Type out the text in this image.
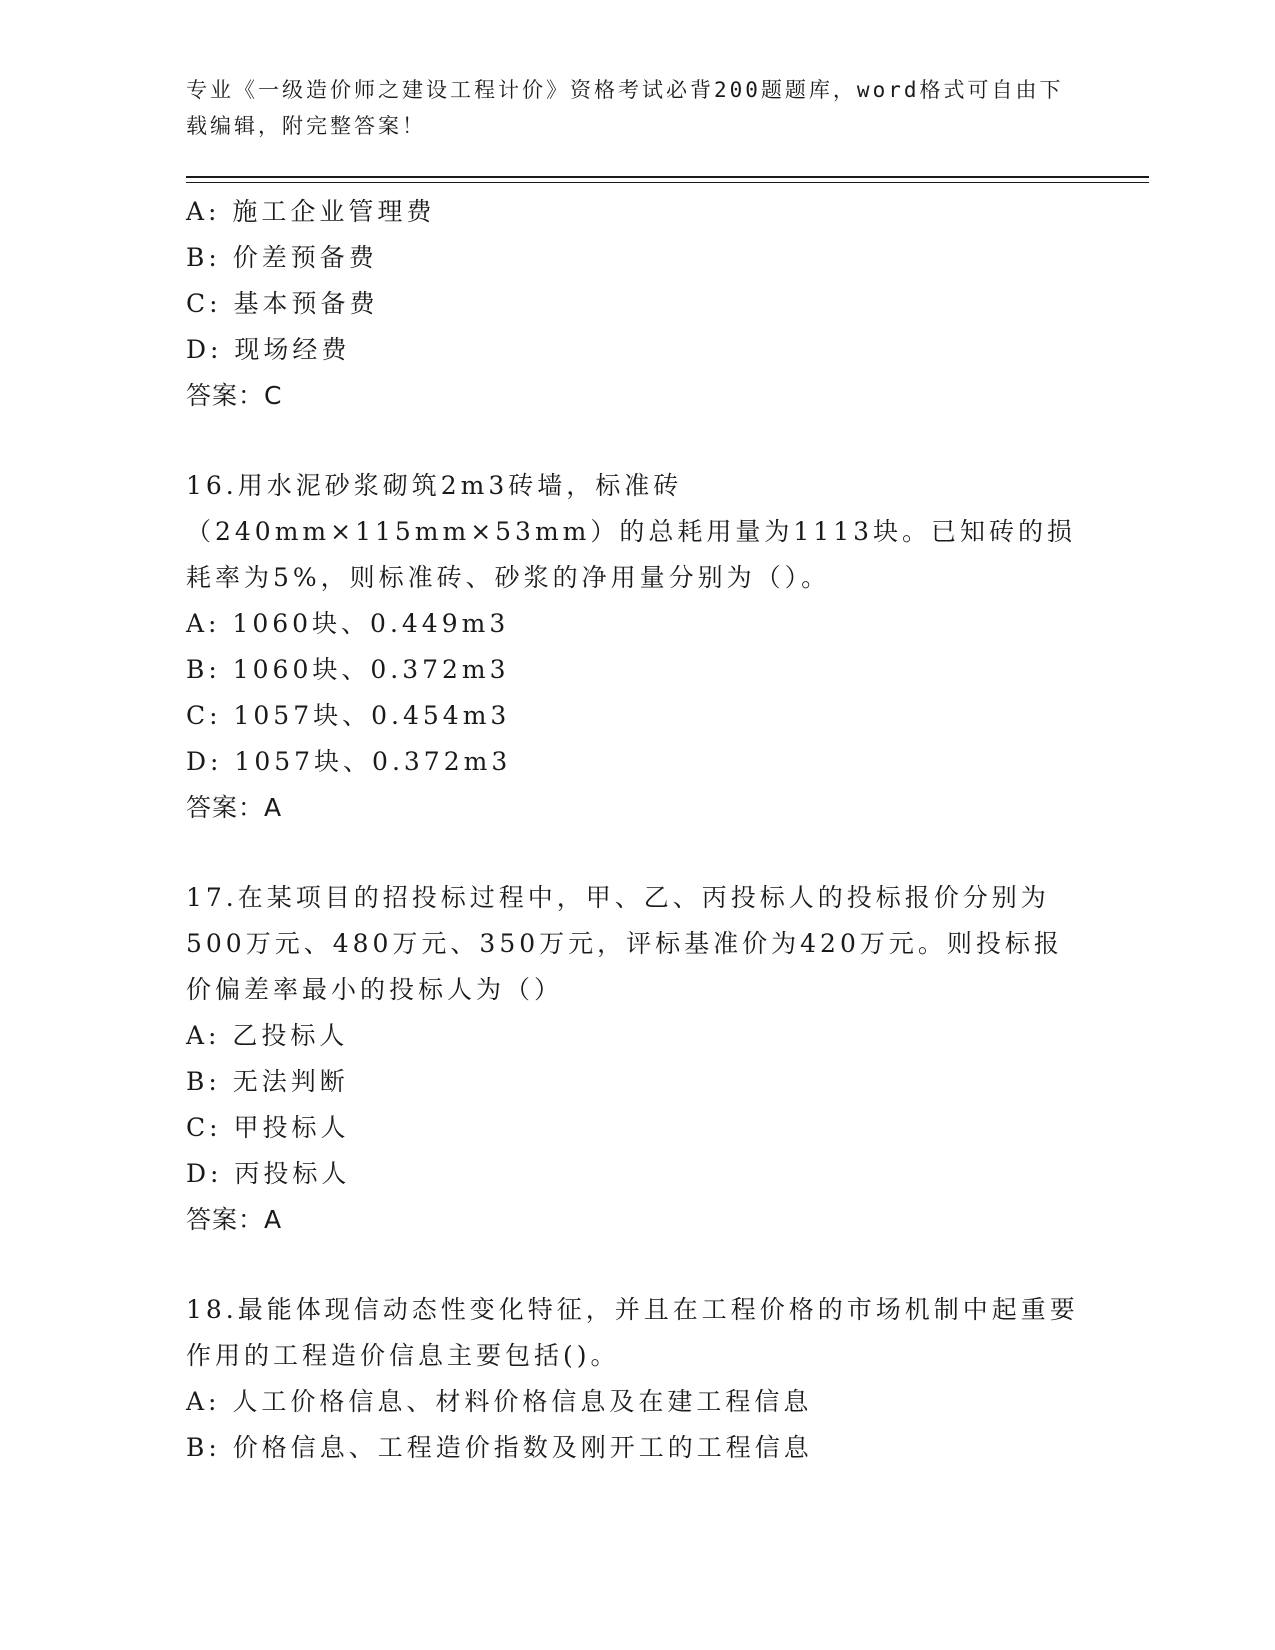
专业《一级造价师之建设工程计价》资格考试必背200题题库，word格式可自由下载编辑，附完整答案！
A: 施工企业管理费
B: 价差预备费
C: 基本预备费
D: 现场经费
答案：C
16.用水泥砂浆砌筑2m3砖墙，标准砖（240mm×115mm×53mm）的总耗用量为1113块。已知砖的损耗率为5%，则标准砖、砂浆的净用量分别为（）。
A: 1060块、0.449m3
B: 1060块、0.372m3
C: 1057块、0.454m3
D: 1057块、0.372m3
答案：A
17.在某项目的招投标过程中，甲、乙、丙投标人的投标报价分别为500万元、480万元、350万元，评标基准价为420万元。则投标报价偏差率最小的投标人为（）
A: 乙投标人
B: 无法判断
C: 甲投标人
D: 丙投标人
答案：A
18.最能体现信动态性变化特征，并且在工程价格的市场机制中起重要作用的工程造价信息主要包括()。
A: 人工价格信息、材料价格信息及在建工程信息
B: 价格信息、工程造价指数及刚开工的工程信息
